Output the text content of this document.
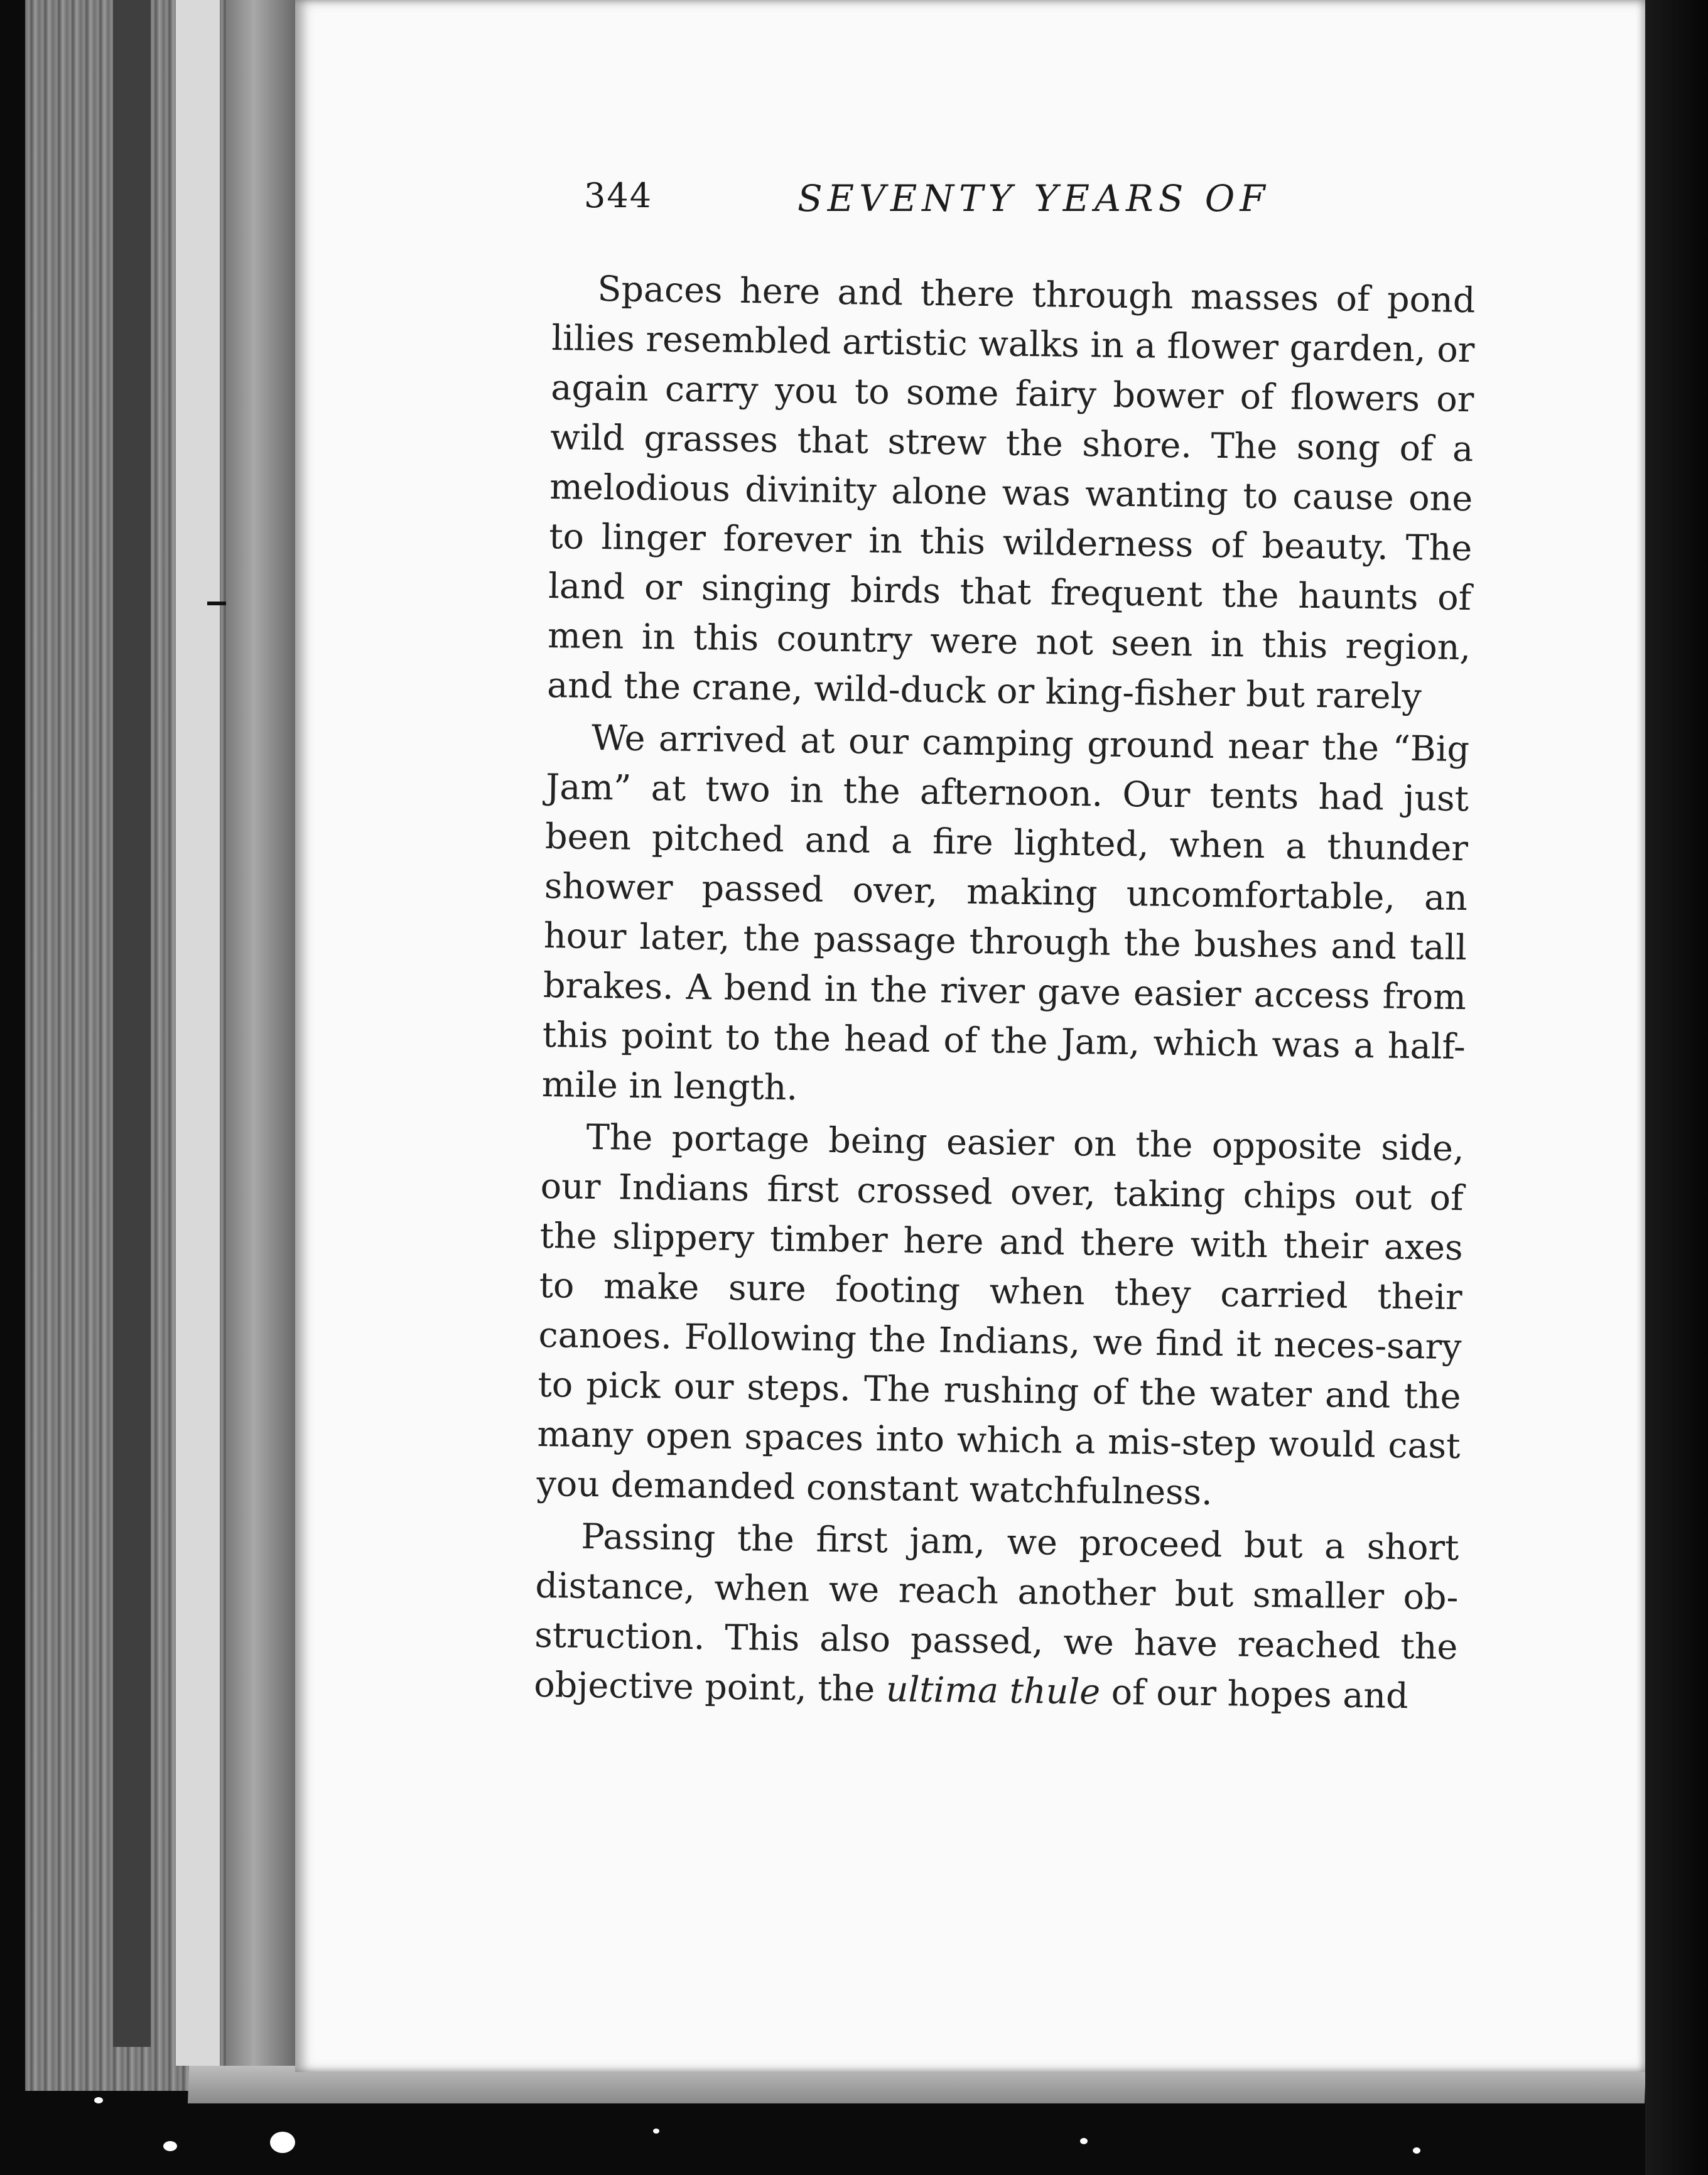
344	SEVENTY YEARS OF

Spaces here and there through masses of pond lilies resembled artistic walks in a flower garden, or again carry you to some fairy bower of flowers or wild grasses that strew the shore. The song of a melodious divinity alone was wanting to cause one to linger forever in this wilderness of beauty. The land or singing birds that frequent the haunts of men in this country were not seen in this region, and the crane, wild-duck or king-fisher but rarely

We arrived at our camping ground near the “Big Jam” at two in the afternoon. Our tents had just been pitched and a fire lighted, when a thunder shower passed over, making uncomfortable, an hour later, the passage through the bushes and tall brakes. A bend in the river gave easier access from this point to the head of the Jam, which was a half-mile in length.

The portage being easier on the opposite side, our Indians first crossed over, taking chips out of the slippery timber here and there with their axes to make sure footing when they carried their canoes. Following the Indians, we find it neces-sary to pick our steps. The rushing of the water and the many open spaces into which a mis-step would cast you demanded constant watchfulness.

Passing the first jam, we proceed but a short distance, when we reach another but smaller ob-struction. This also passed, we have reached the objective point, the ultima thule of our hopes and
